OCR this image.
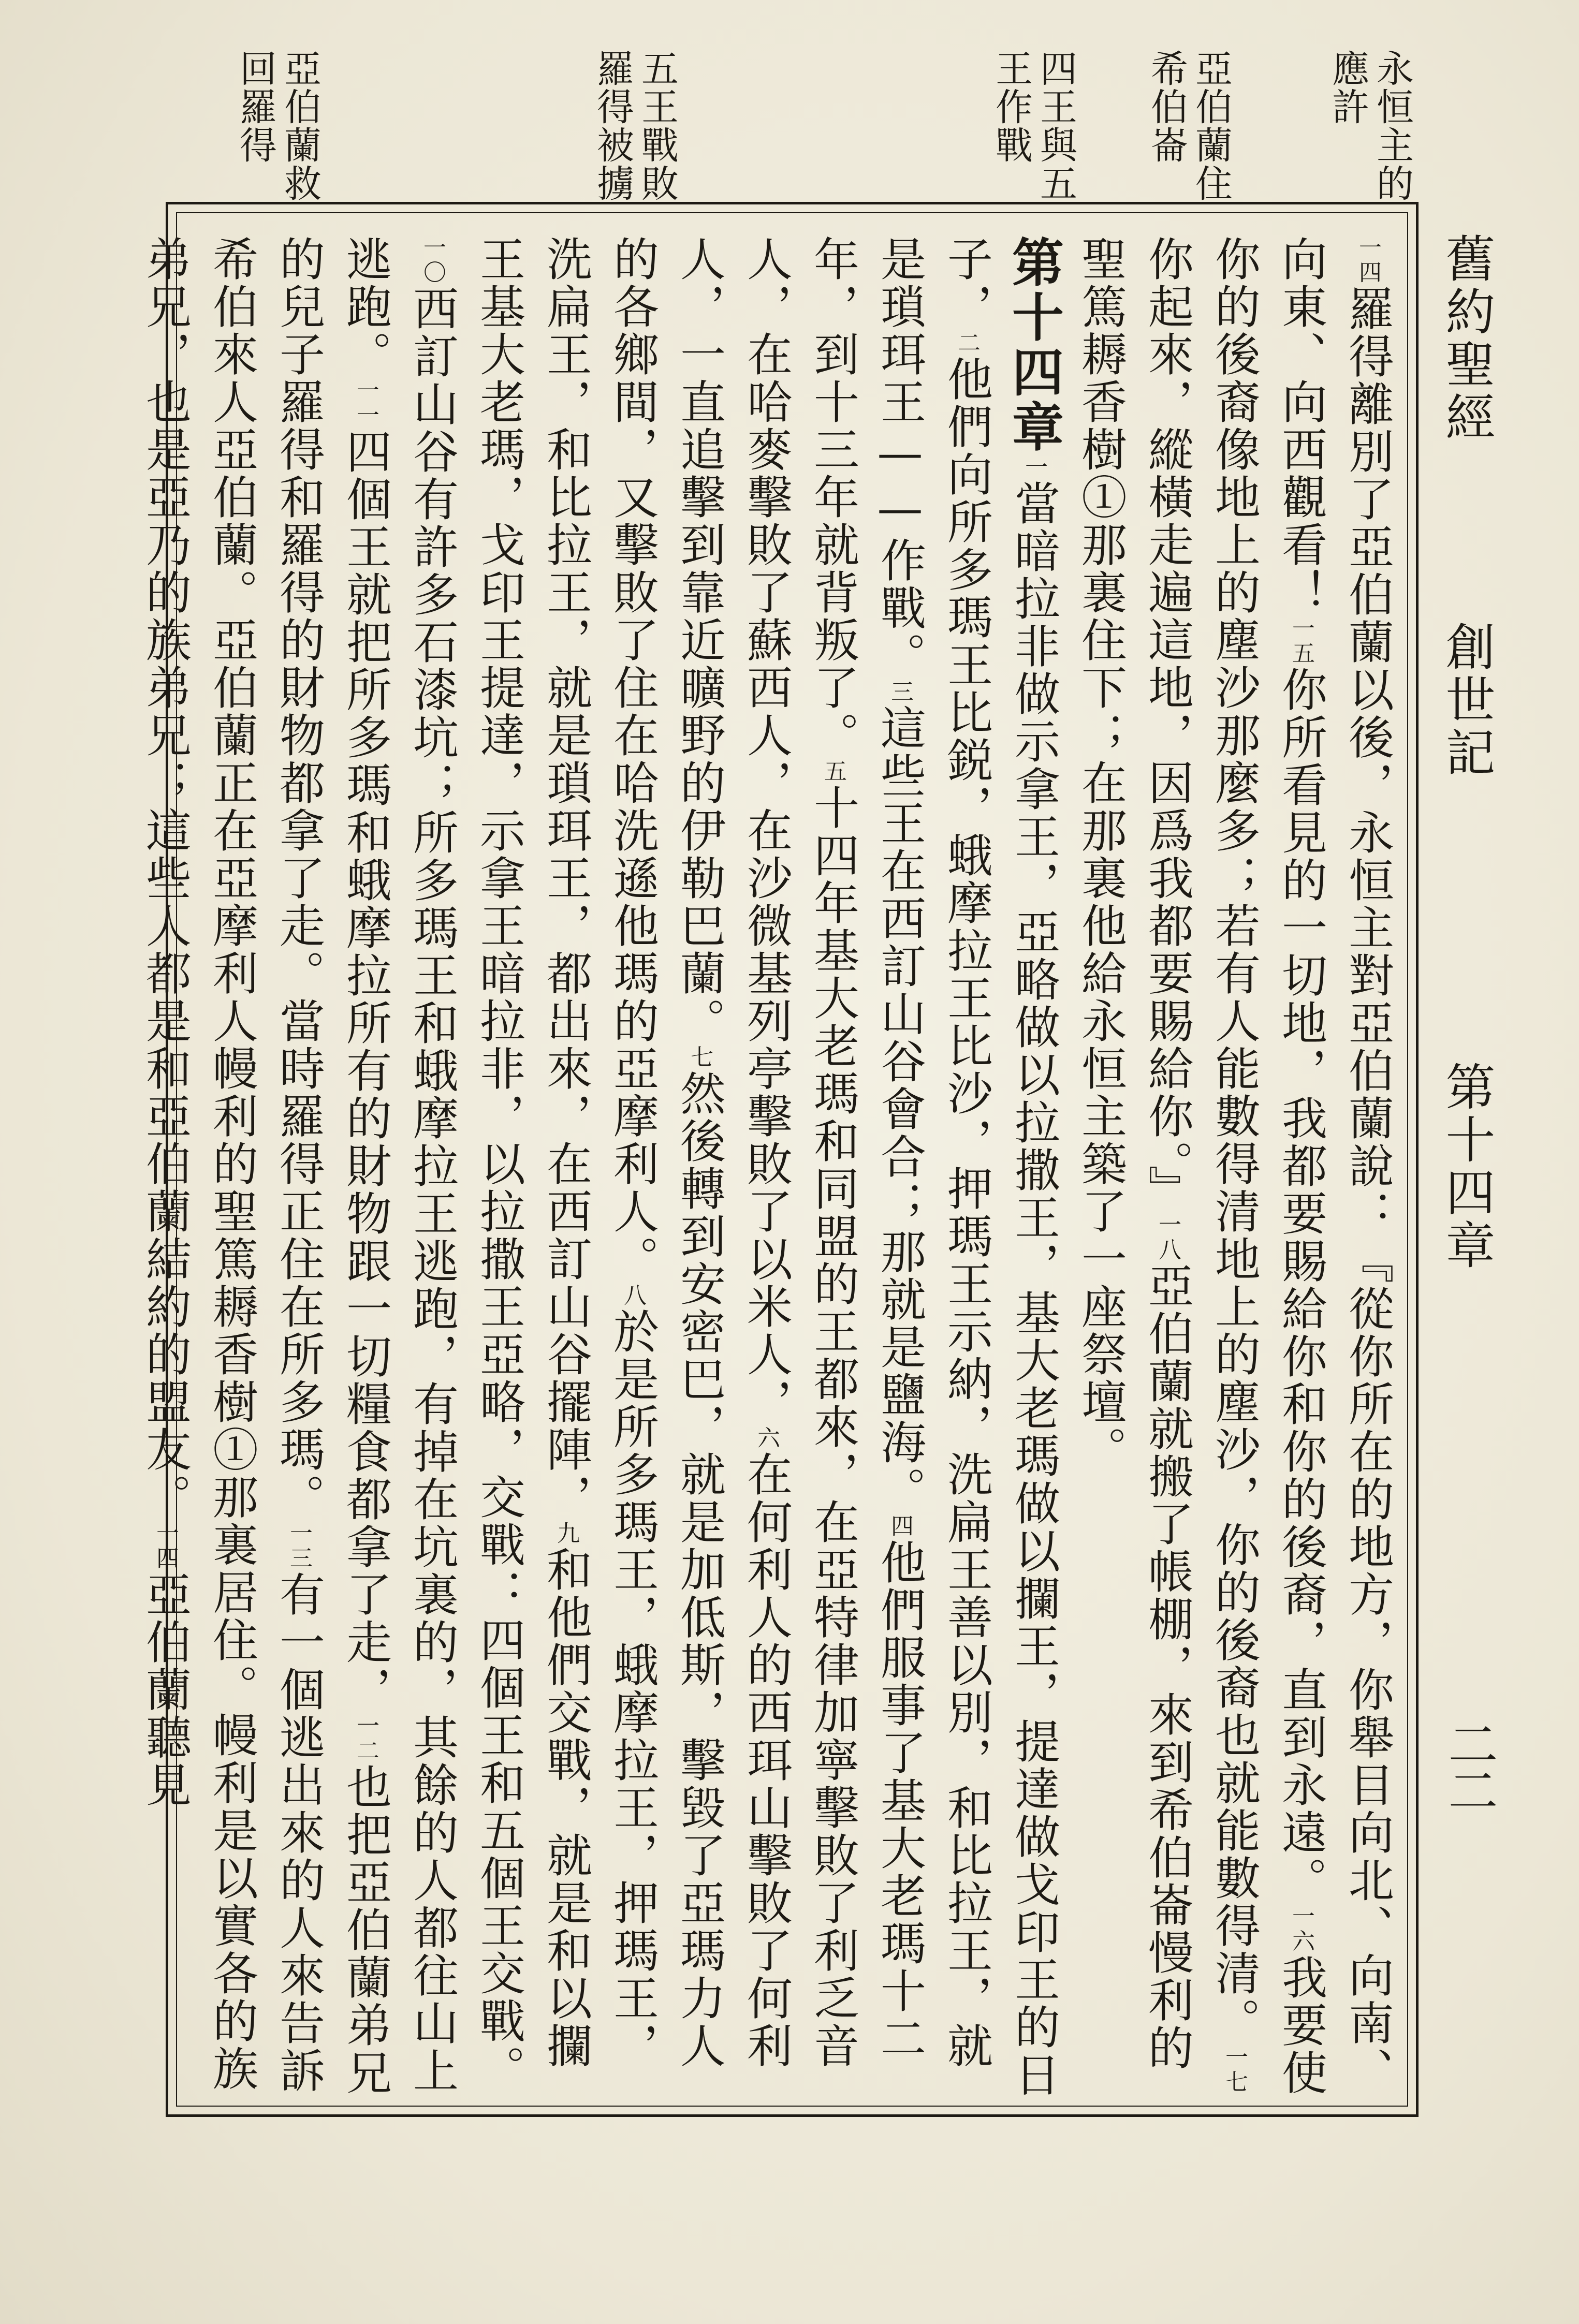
舊約聖經
創世記
第十四章
二二
永恒主的應許
亞伯蘭住希伯崙
四王與五王作戰
五王戰敗羅得被擄
亞伯蘭救回羅得
$^{一四}$羅得離別了亞伯蘭以後，永恒主對亞伯蘭說：『從你所在的地方，你舉目向北、向南、向東、向西觀看！$^{一五}$你所看見的一切地，我都要賜給你和你的後裔，直到永遠。$^{一六}$我要使你的後裔像地上的塵沙那麼多；若有人能數得清地上的塵沙，你的後裔也就能數得清。$^{一七}$你起來，縱橫走遍這地，因爲我都要賜給你。』$^{一八}$亞伯蘭就搬了帳棚，來到希伯崙慢利的聖篤耨香樹①那裏住下；在那裏他給永恒主築了一座祭壇。
第十四章$^一$當暗拉非做示拿王，亞略做以拉撒王，基大老瑪做以攔王，提達做戈印王的日子，$^二$他們向所多瑪王比鋭，蛾摩拉王比沙，押瑪王示納，洗扁王善以別，和比拉王，就是瑣珥王——作戰。$^三$這些王在西訂山谷會合；那就是鹽海。$^四$他們服事了基大老瑪十二年，到十三年就背叛了。$^五$十四年基大老瑪和同盟的王都來，在亞特律加寧擊敗了利乏音人，在哈麥擊敗了蘇西人，在沙微基列亭擊敗了以米人，$^六$在何利人的西珥山擊敗了何利人，一直追擊到靠近曠野的伊勒巴蘭。$^七$然後轉到安密巴，就是加低斯，擊毀了亞瑪力人的各鄉間，又擊敗了住在哈洗遜他瑪的亞摩利人。$^八$於是所多瑪王，蛾摩拉王，押瑪王，洗扁王，和比拉王，就是瑣珥王，都出來，在西訂山谷擺陣，$^九$和他們交戰，就是和以攔王基大老瑪，戈印王提達，示拿王暗拉非，以拉撒王亞略，交戰：四個王和五個王交戰。$^{一〇}$西訂山谷有許多石漆坑；所多瑪王和蛾摩拉王逃跑，有掉在坑裏的，其餘的人都往山上逃跑。$^{一一}$四個王就把所多瑪和蛾摩拉所有的財物跟一切糧食都拿了走，$^{一二}$也把亞伯蘭弟兄的兒子羅得和羅得的財物都拿了走。當時羅得正住在所多瑪。$^{一三}$有一個逃出來的人來告訴希伯來人亞伯蘭。亞伯蘭正在亞摩利人幔利的聖篤耨香樹①那裏居住。幔利是以實各的族弟兄，也是亞乃的族弟兄；這些人都是和亞伯蘭結約的盟友。$^{一四}$亞伯蘭聽見
